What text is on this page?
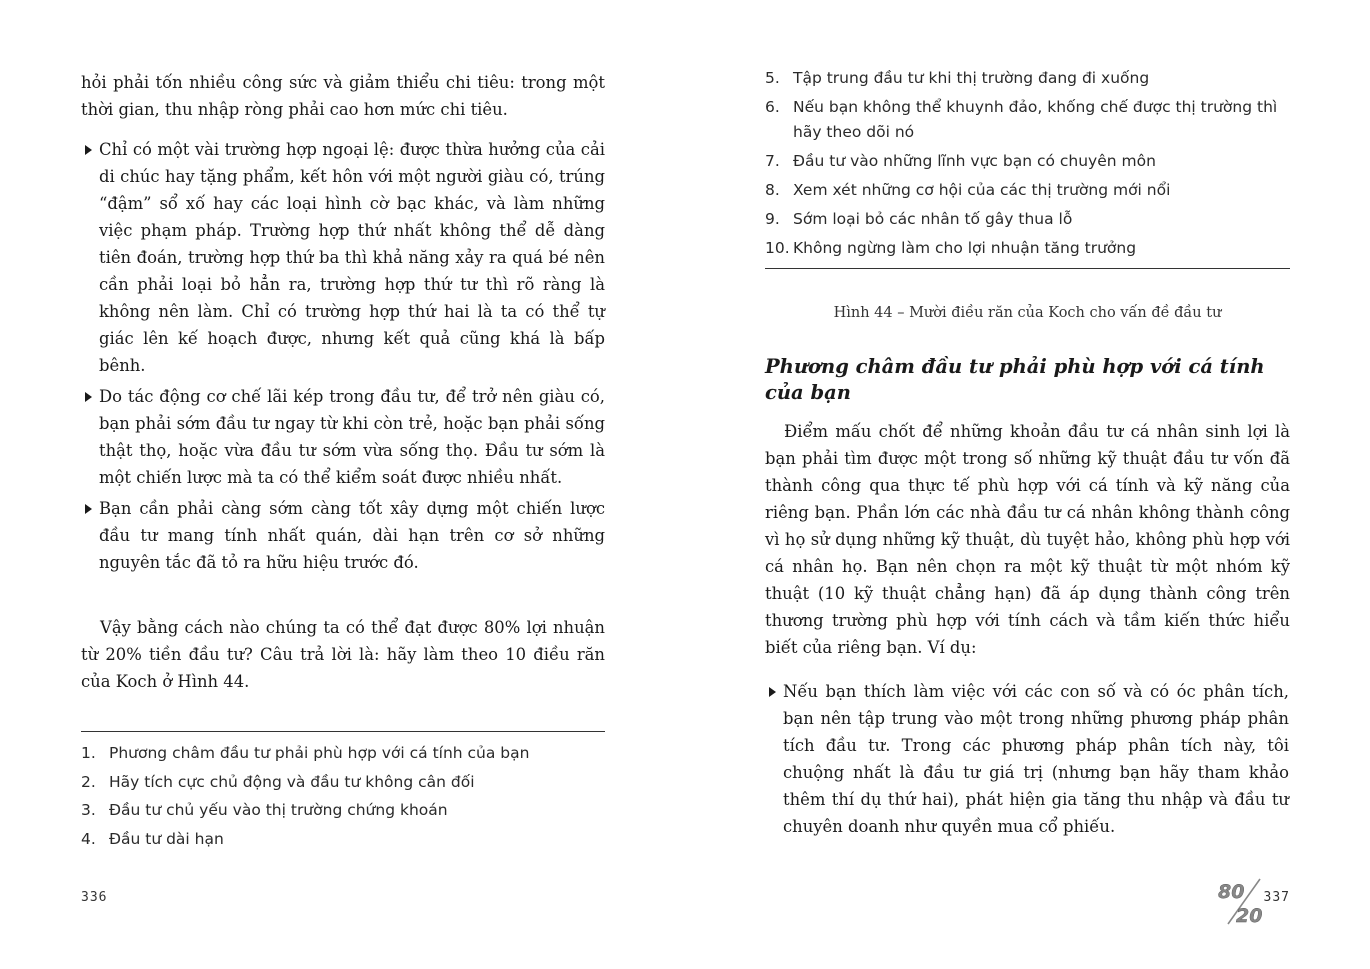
hỏi phải tốn nhiều công sức và giảm thiểu chi tiêu: trong một thời gian, thu nhập ròng phải cao hơn mức chi tiêu.

Chỉ có một vài trường hợp ngoại lệ: được thừa hưởng của cải di chúc hay tặng phẩm, kết hôn với một người giàu có, trúng “đậm” sổ xố hay các loại hình cờ bạc khác, và làm những việc phạm pháp. Trường hợp thứ nhất không thể dễ dàng tiên đoán, trường hợp thứ ba thì khả năng xảy ra quá bé nên cần phải loại bỏ hẳn ra, trường hợp thứ tư thì rõ ràng là không nên làm. Chỉ có trường hợp thứ hai là ta có thể tự giác lên kế hoạch được, nhưng kết quả cũng khá là bấp bênh.
Do tác động cơ chế lãi kép trong đầu tư, để trở nên giàu có, bạn phải sớm đầu tư ngay từ khi còn trẻ, hoặc bạn phải sống thật thọ, hoặc vừa đầu tư sớm vừa sống thọ. Đầu tư sớm là một chiến lược mà ta có thể kiểm soát được nhiều nhất.
Bạn cần phải càng sớm càng tốt xây dựng một chiến lược đầu tư mang tính nhất quán, dài hạn trên cơ sở những nguyên tắc đã tỏ ra hữu hiệu trước đó.

Vậy bằng cách nào chúng ta có thể đạt được 80% lợi nhuận từ 20% tiền đầu tư? Câu trả lời là: hãy làm theo 10 điều răn của Koch ở Hình 44.

1. Phương châm đầu tư phải phù hợp với cá tính của bạn
2. Hãy tích cực chủ động và đầu tư không cân đối
3. Đầu tư chủ yếu vào thị trường chứng khoán
4. Đầu tư dài hạn
336
5. Tập trung đầu tư khi thị trường đang đi xuống
6. Nếu bạn không thể khuynh đảo, khống chế được thị trường thì hãy theo dõi nó
7. Đầu tư vào những lĩnh vực bạn có chuyên môn
8. Xem xét những cơ hội của các thị trường mới nổi
9. Sớm loại bỏ các nhân tố gây thua lỗ
10. Không ngừng làm cho lợi nhuận tăng trưởng
Hình 44 – Mười điều răn của Koch cho vấn đề đầu tư
Phương châm đầu tư phải phù hợp với cá tính của bạn

Điểm mấu chốt để những khoản đầu tư cá nhân sinh lợi là bạn phải tìm được một trong số những kỹ thuật đầu tư vốn đã thành công qua thực tế phù hợp với cá tính và kỹ năng của riêng bạn. Phần lớn các nhà đầu tư cá nhân không thành công vì họ sử dụng những kỹ thuật, dù tuyệt hảo, không phù hợp với cá nhân họ. Bạn nên chọn ra một kỹ thuật từ một nhóm kỹ thuật (10 kỹ thuật chẳng hạn) đã áp dụng thành công trên thương trường phù hợp với tính cách và tầm kiến thức hiểu biết của riêng bạn. Ví dụ:

Nếu bạn thích làm việc với các con số và có óc phân tích, bạn nên tập trung vào một trong những phương pháp phân tích đầu tư. Trong các phương pháp phân tích này, tôi chuộng nhất là đầu tư giá trị (nhưng bạn hãy tham khảo thêm thí dụ thứ hai), phát hiện gia tăng thu nhập và đầu tư chuyên doanh như quyền mua cổ phiếu.
80
20
337
